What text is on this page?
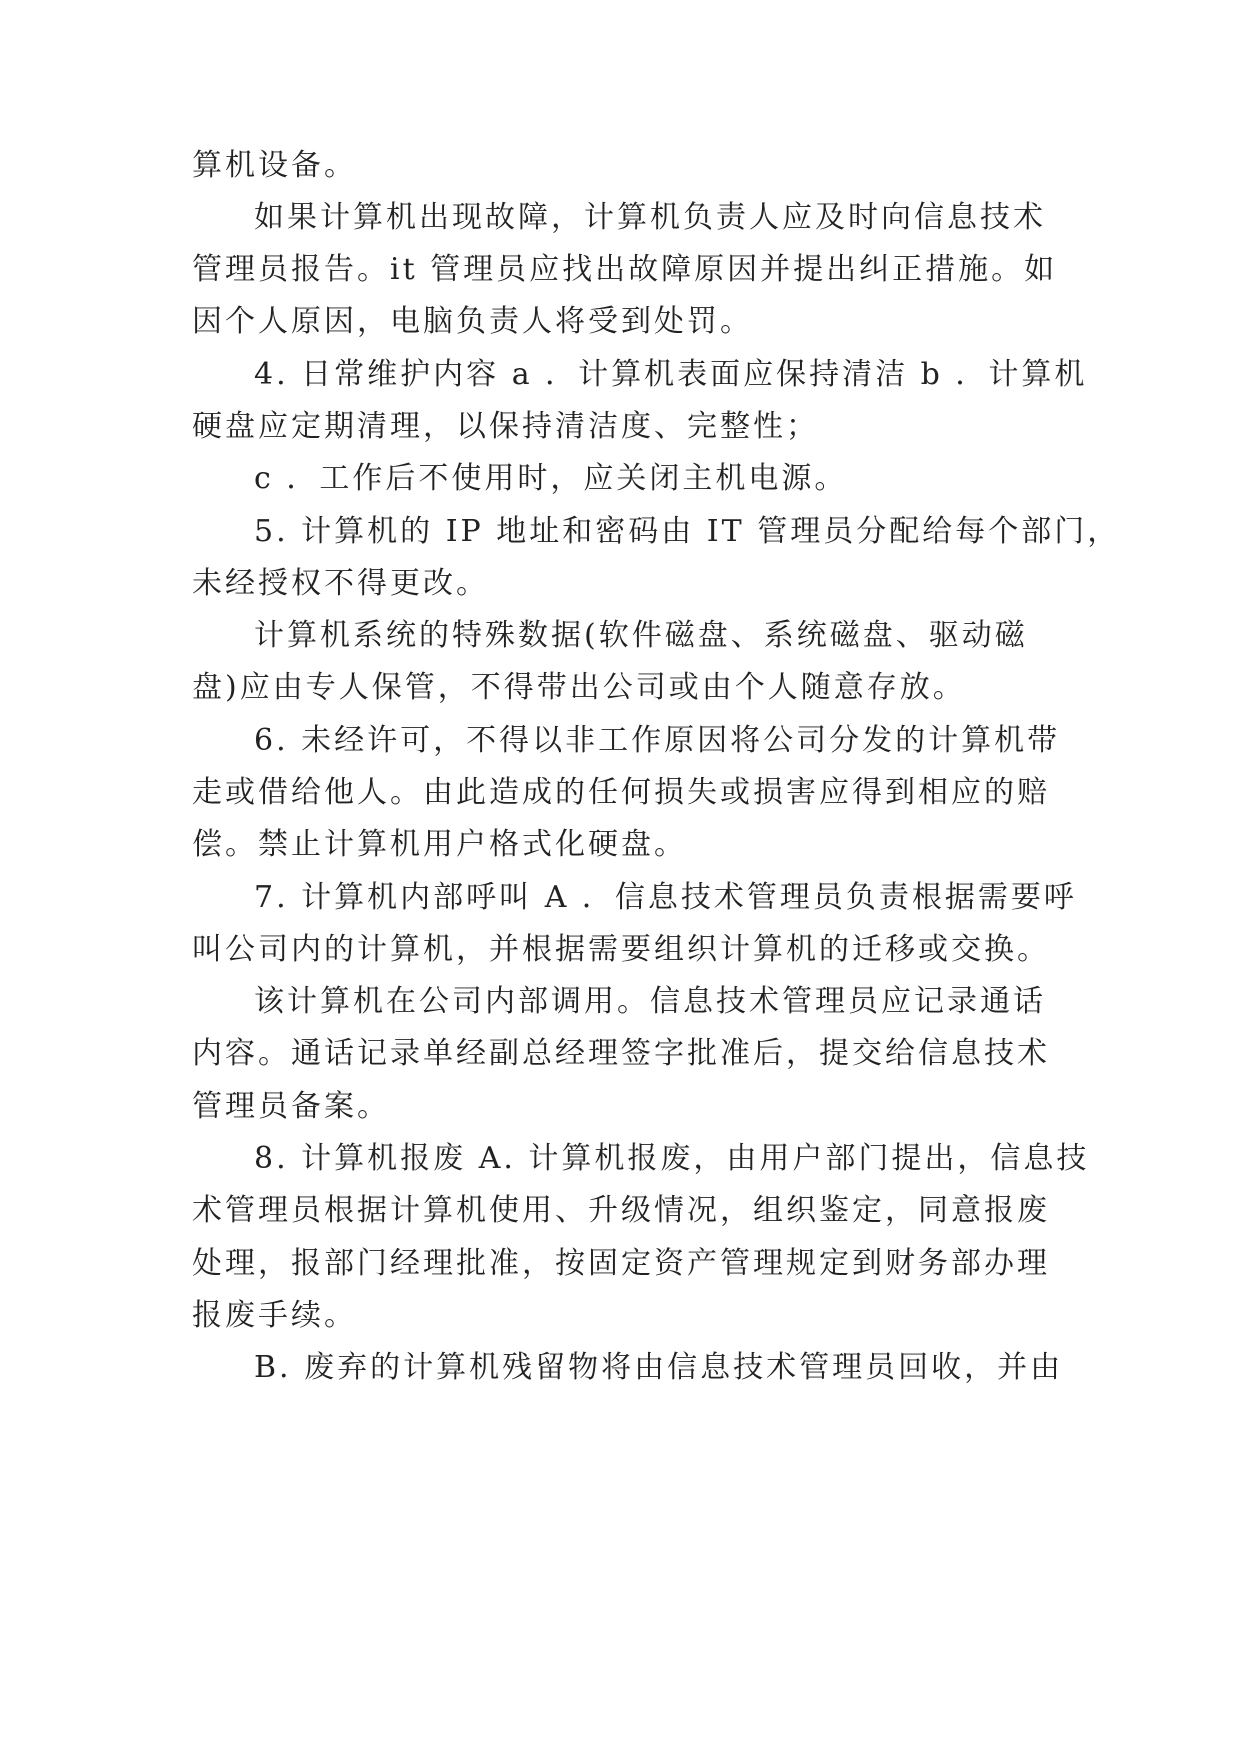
算机设备。

如果计算机出现故障，计算机负责人应及时向信息技术

管理员报告。it 管理员应找出故障原因并提出纠正措施。如

因个人原因，电脑负责人将受到处罚。

4. 日常维护内容 a ．计算机表面应保持清洁 b ．计算机

硬盘应定期清理，以保持清洁度、完整性；

c ．工作后不使用时，应关闭主机电源。

5. 计算机的 IP 地址和密码由 IT 管理员分配给每个部门，

未经授权不得更改。

计算机系统的特殊数据(软件磁盘、系统磁盘、驱动磁

盘)应由专人保管，不得带出公司或由个人随意存放。

6. 未经许可，不得以非工作原因将公司分发的计算机带

走或借给他人。由此造成的任何损失或损害应得到相应的赔

偿。禁止计算机用户格式化硬盘。

7. 计算机内部呼叫 A ．信息技术管理员负责根据需要呼

叫公司内的计算机，并根据需要组织计算机的迁移或交换。

该计算机在公司内部调用。信息技术管理员应记录通话

内容。通话记录单经副总经理签字批准后，提交给信息技术

管理员备案。

8. 计算机报废 A. 计算机报废，由用户部门提出，信息技

术管理员根据计算机使用、升级情况，组织鉴定，同意报废

处理，报部门经理批准，按固定资产管理规定到财务部办理

报废手续。

B. 废弃的计算机残留物将由信息技术管理员回收，并由
